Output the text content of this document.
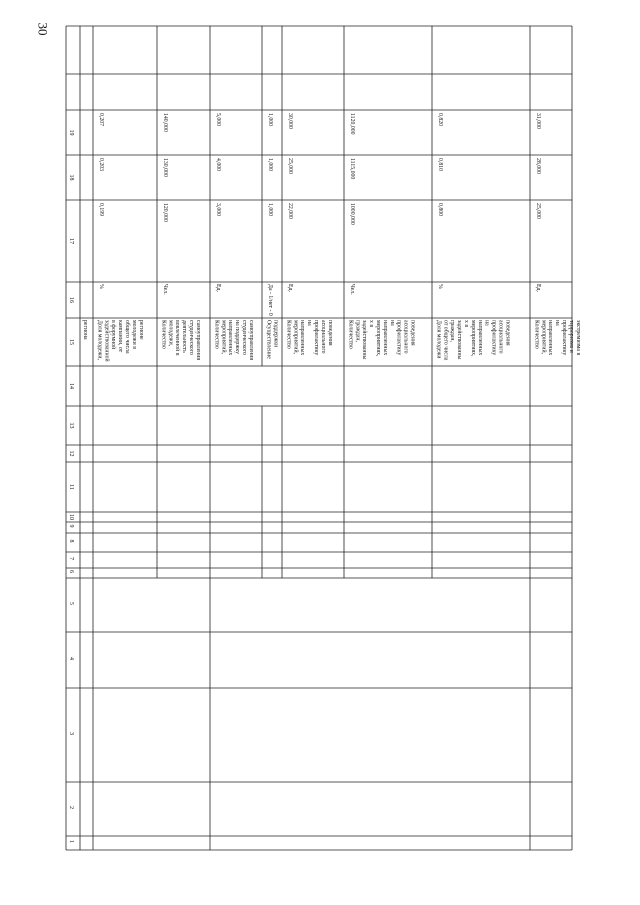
30
1
2
3
4
5
6
7
8
9
10
11
12
13
14
15
16
17
18
19
региона Доля молодежи, задействованной в форумной кампании, от общего числа молодежи в регионе
%
0,199
0,203
0,207
Количество молодежи, вовлеченной в деятельность студенческого самоуправления
Чел.
120,000
130,000
140,000
Количество мероприятий, направленных на поддержку студенческого самоуправления
Ед.
3,000
4,000
5,000
Осуществление поддержки
Да - 1/нет - 0
1,000
1,000
1,000
Количество мероприятий, направленных на профилактику асоциального поведения
Ед.
22,000
25,000
30,000
Количество граждан, задействованны х в мероприятиях, направленных на профилактику асоциального поведения
Чел.
1000,000
1115,000
1120,000
Доля молодежи от общего числа граждан, задействованны х в мероприятиях, направленных на профилактику асоциального поведения
%
0,800
0,810
0,820
Количество мероприятий, направленных на профилактику терроризма и экстремизма в
Ед.
25,000
28,000
31,000
